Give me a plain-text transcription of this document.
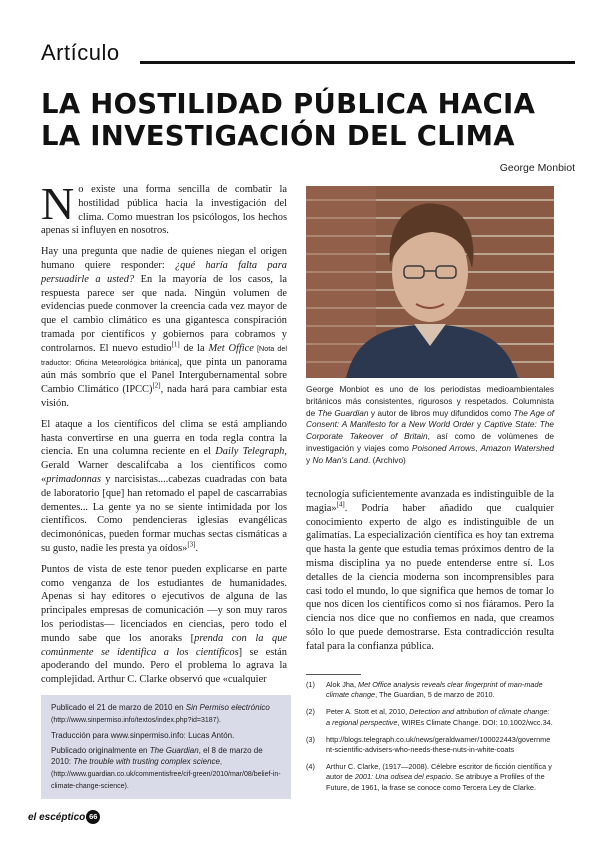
Artículo
LA HOSTILIDAD PÚBLICA HACIA
LA INVESTIGACIÓN DEL CLIMA
George Monbiot

No existe una forma sencilla de combatir la hostilidad pública hacia la investigación del clima. Como muestran los psicólogos, los hechos apenas si influyen en nosotros.

Hay una pregunta que nadie de quienes niegan el origen humano quiere responder: ¿qué haría falta para persuadirle a usted? En la mayoría de los casos, la respuesta parece ser que nada. Ningún volumen de evidencias puede conmover la creencia cada vez mayor de que el cambio climático es una gigantesca conspiración tramada por científicos y gobiernos para cobramos y controlarnos. El nuevo estudio[1] de la Met Office [Nota del traductor: Oficina Meteorológica británica], que pinta un panorama aún más sombrío que el Panel Intergubernamental sobre Cambio Climático (IPCC)[2], nada hará para cambiar esta visión.

El ataque a los científicos del clima se está ampliando hasta convertirse en una guerra en toda regla contra la ciencia. En una columna reciente en el Daily Telegraph, Gerald Warner descalifcaba a los científicos como «primadonnas y narcisistas....cabezas cuadradas con bata de laboratorio [que] han retomado el papel de cascarrabias dementes... La gente ya no se siente intimidada por los científicos. Como pendencieras iglesias evangélicas decimonónicas, pueden formar muchas sectas cismáticas a su gusto, nadie les presta ya oídos»[3].

Puntos de vista de este tenor pueden explicarse en parte como venganza de los estudiantes de humanidades. Apenas si hay editores o ejecutivos de alguna de las principales empresas de comunicación —y son muy raros los periodistas— licenciados en ciencias, pero todo el mundo sabe que los anoraks [prenda con la que comúnmente se identifica a los científicos] se están apoderando del mundo. Pero el problema lo agrava la complejidad. Arthur C. Clarke observó que «cualquier

George Monbiot es uno de los periodistas medioambientales británicos más consistentes, rigurosos y respetados. Columnista de The Guardian y autor de libros muy difundidos como The Age of Consent: A Manifesto for a New World Order y Captive State: The Corporate Takeover of Britain, así como de volúmenes de investigación y viajes como Poisoned Arrows, Amazon Watershed y No Man's Land. (Archivo)

tecnología suficientemente avanzada es indistinguible de la magia»[4]. Podría haber añadido que cualquier conocimiento experto de algo es indistinguible de un galimatías. La especialización científica es hoy tan extrema que hasta la gente que estudia temas próximos dentro de la misma disciplina ya no puede entenderse entre sí. Los detalles de la ciencia moderna son incomprensibles para casi todo el mundo, lo que significa que hemos de tomar lo que nos dicen los científicos como si nos fiáramos. Pero la ciencia nos dice que no confiemos en nada, que creamos sólo lo que puede demostrarse. Esta contradicción resulta fatal para la confianza pública.

(1)	Alok Jha, Met Office analysis reveals clear fingerprint of man-made climate change, The Guardian, 5 de marzo de 2010.
(2)	Peter A. Stott et al, 2010, Detection and attribution of climate change: a regional perspective, WIREs Climate Change. DOI: 10.1002/wcc.34.
(3)	http://blogs.telegraph.co.uk/news/geraldwarner/100022443/government-scientific-advisers-who-needs-these-nuts-in-white-coats
(4)	Arthur C. Clarke, (1917—2008). Célebre escritor de ficción científica y autor de 2001: Una odisea del espacio. Se atribuye a Profiles of the Future, de 1961, la frase se conoce como Tercera Ley de Clarke.

Publicado el 21 de marzo de 2010 en Sin Permiso electrónico (http://www.sinpermiso.info/textos/index.php?id=3187).

Traducción para www.sinpermiso.info: Lucas Antón.

Publicado originalmente en The Guardian, el 8 de marzo de 2010: The trouble with trusting complex science, (http://www.guardian.co.uk/commentisfree/cif-green/2010/mar/08/belief-in-climate-change-science).

el escéptico 66
